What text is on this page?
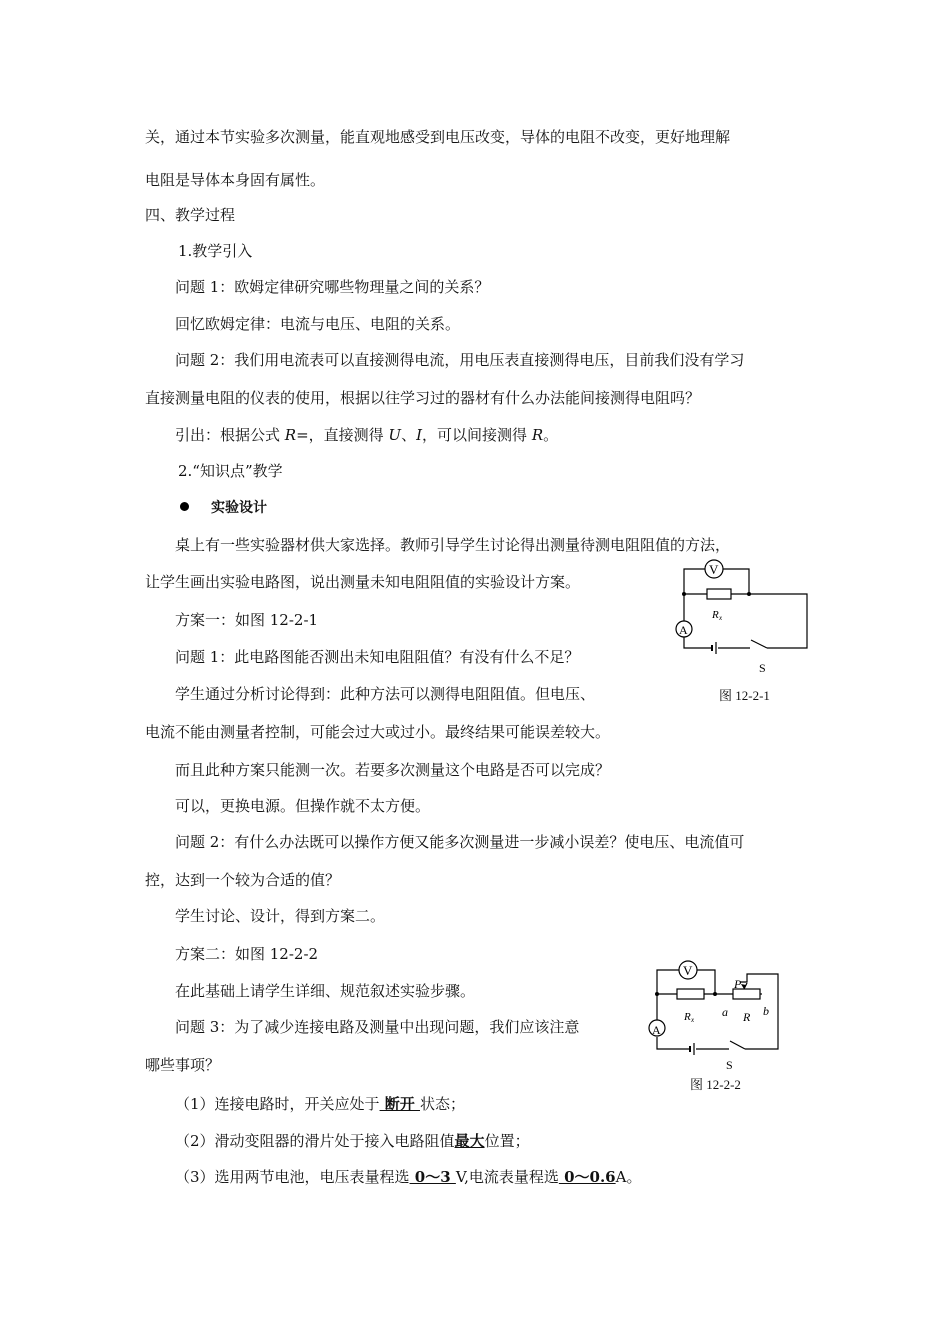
关，通过本节实验多次测量，能直观地感受到电压改变，导体的电阻不改变，更好地理解
电阻是导体本身固有属性。
四、教学过程
1.教学引入
问题 1：欧姆定律研究哪些物理量之间的关系？
回忆欧姆定律：电流与电压、电阻的关系。
问题 2：我们用电流表可以直接测得电流，用电压表直接测得电压，目前我们没有学习
直接测量电阻的仪表的使用，根据以往学习过的器材有什么办法能间接测得电阻吗？
引出：根据公式 R=，直接测得 U、I，可以间接测得 R。
2.“知识点”教学
实验设计
桌上有一些实验器材供大家选择。教师引导学生讨论得出测量待测电阻阻值的方法，
让学生画出实验电路图，说出测量未知电阻阻值的实验设计方案。
方案一：如图 12-2-1
问题 1：此电路图能否测出未知电阻阻值？有没有什么不足？
学生通过分析讨论得到：此种方法可以测得电阻阻值。但电压、
电流不能由测量者控制，可能会过大或过小。最终结果可能误差较大。
而且此种方案只能测一次。若要多次测量这个电路是否可以完成？
可以，更换电源。但操作就不太方便。
问题 2：有什么办法既可以操作方便又能多次测量进一步减小误差？使电压、电流值可
控，达到一个较为合适的值？
学生讨论、设计，得到方案二。
方案二：如图 12-2-2
在此基础上请学生详细、规范叙述实验步骤。
问题 3：为了减少连接电路及测量中出现问题，我们应该注意
哪些事项？
（1）连接电路时，开关应处于 断开 状态；
（2）滑动变阻器的滑片处于接入电路阻值最大位置；
（3）选用两节电池，电压表量程选 0～3 V,电流表量程选 0～0.6A。
V
A
R x
S
图 12-2-1
V
A
R x
P
a R b
S
图 12-2-2
